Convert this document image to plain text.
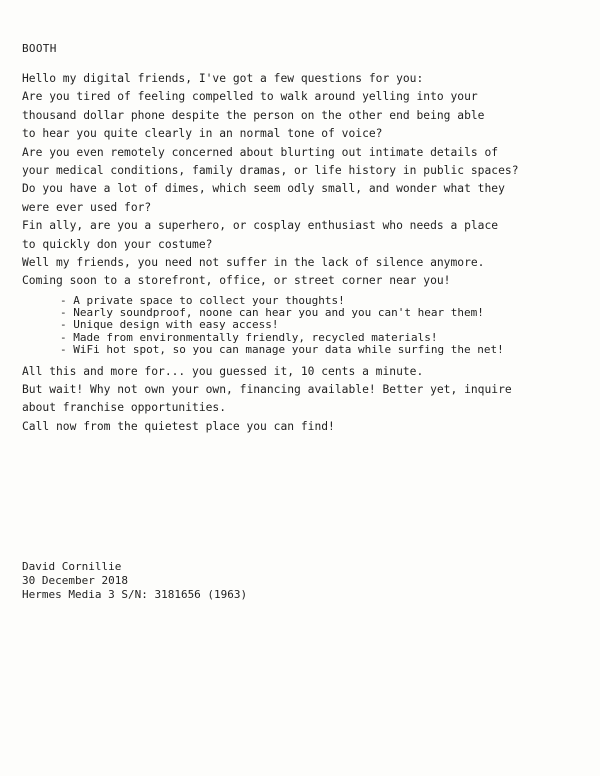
BOOTH
Hello my digital friends, I've got a few questions for you:
Are you tired of feeling compelled to walk around yelling into your
thousand dollar phone despite the person on the other end being able
to hear you quite clearly in an normal tone of voice?
Are you even remotely concerned about blurting out intimate details of
your medical conditions, family dramas, or life history in public spaces?
Do you have a lot of dimes, which seem odly small, and wonder what they
were ever used for?
Fin ally, are you a superhero, or cosplay enthusiast who needs a place
to quickly don your costume?
Well my friends, you need not suffer in the lack of silence anymore.
Coming soon to a storefront, office, or street corner near you!
- A private space to collect your thoughts!
- Nearly soundproof, noone can hear you and you can't hear them!
- Unique design with easy access!
- Made from environmentally friendly, recycled materials!
- WiFi hot spot, so you can manage your data while surfing the net!
All this and more for... you guessed it, 10 cents a minute.
But wait! Why not own your own, financing available! Better yet, inquire
about franchise opportunities.
Call now from the quietest place you can find!
David Cornillie
30 December 2018
Hermes Media 3 S/N: 3181656 (1963)
